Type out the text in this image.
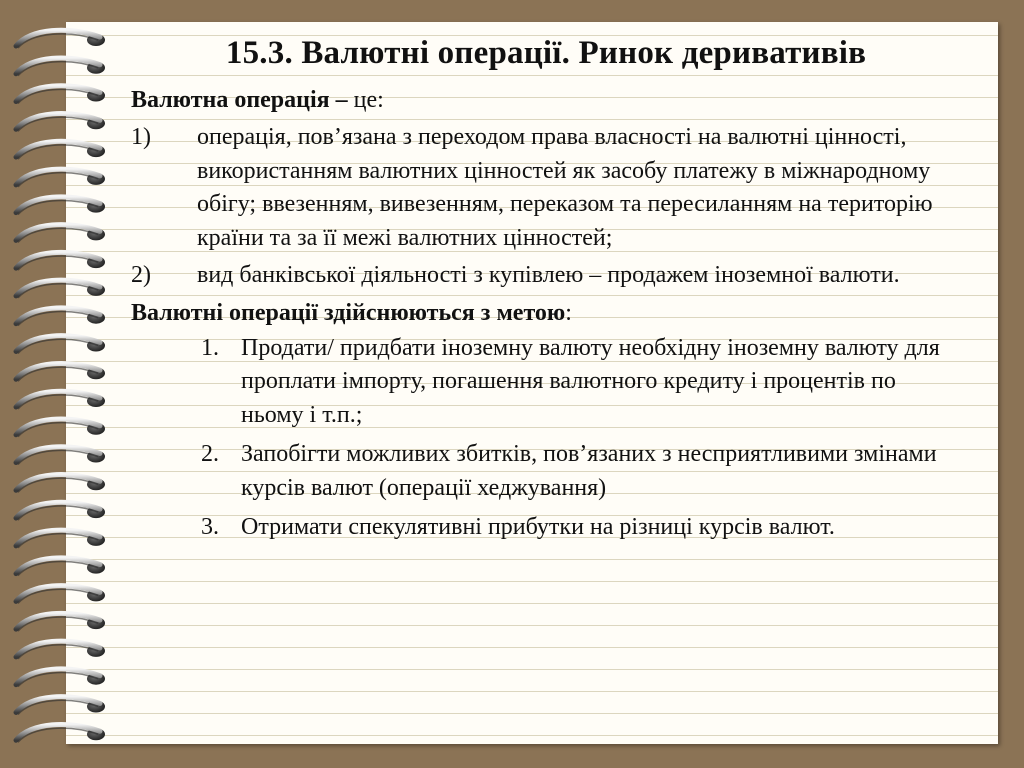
15.3. Валютні операції. Ринок деривативів
Валютна операція – це:
1)	операція, пов’язана з переходом права власності на валютні цінності, використанням валютних цінностей як засобу платежу в міжнародному обігу; ввезенням, вивезенням, переказом та пересиланням на територію країни та за її межі валютних цінностей;
2)	вид банківської діяльності з купівлею – продажем іноземної валюти.
Валютні операції здійснюються з метою:
1. Продати/ придбати іноземну валюту необхідну іноземну валюту для проплати імпорту, погашення валютного кредиту і процентів по ньому і т.п.;
2. Запобігти можливих збитків, пов’язаних з несприятливими змінами курсів валют (операції хеджування)
3. Отримати спекулятивні прибутки на різниці курсів валют.
